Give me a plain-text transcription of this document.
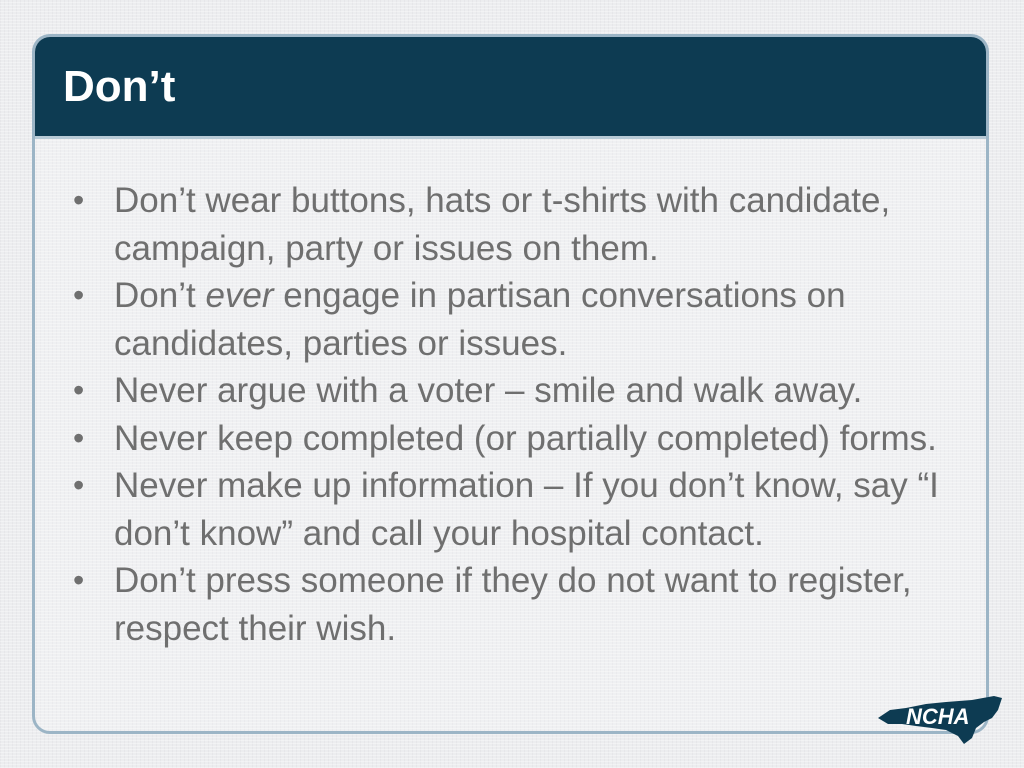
Don’t
• Don’t wear buttons, hats or t-shirts with candidate, campaign, party or issues on them.
• Don’t ever engage in partisan conversations on candidates, parties or issues.
• Never argue with a voter – smile and walk away.
• Never keep completed (or partially completed) forms.
• Never make up information – If you don’t know, say “I don’t know” and call your hospital contact.
• Don’t press someone if they do not want to register, respect their wish.
NCHA
